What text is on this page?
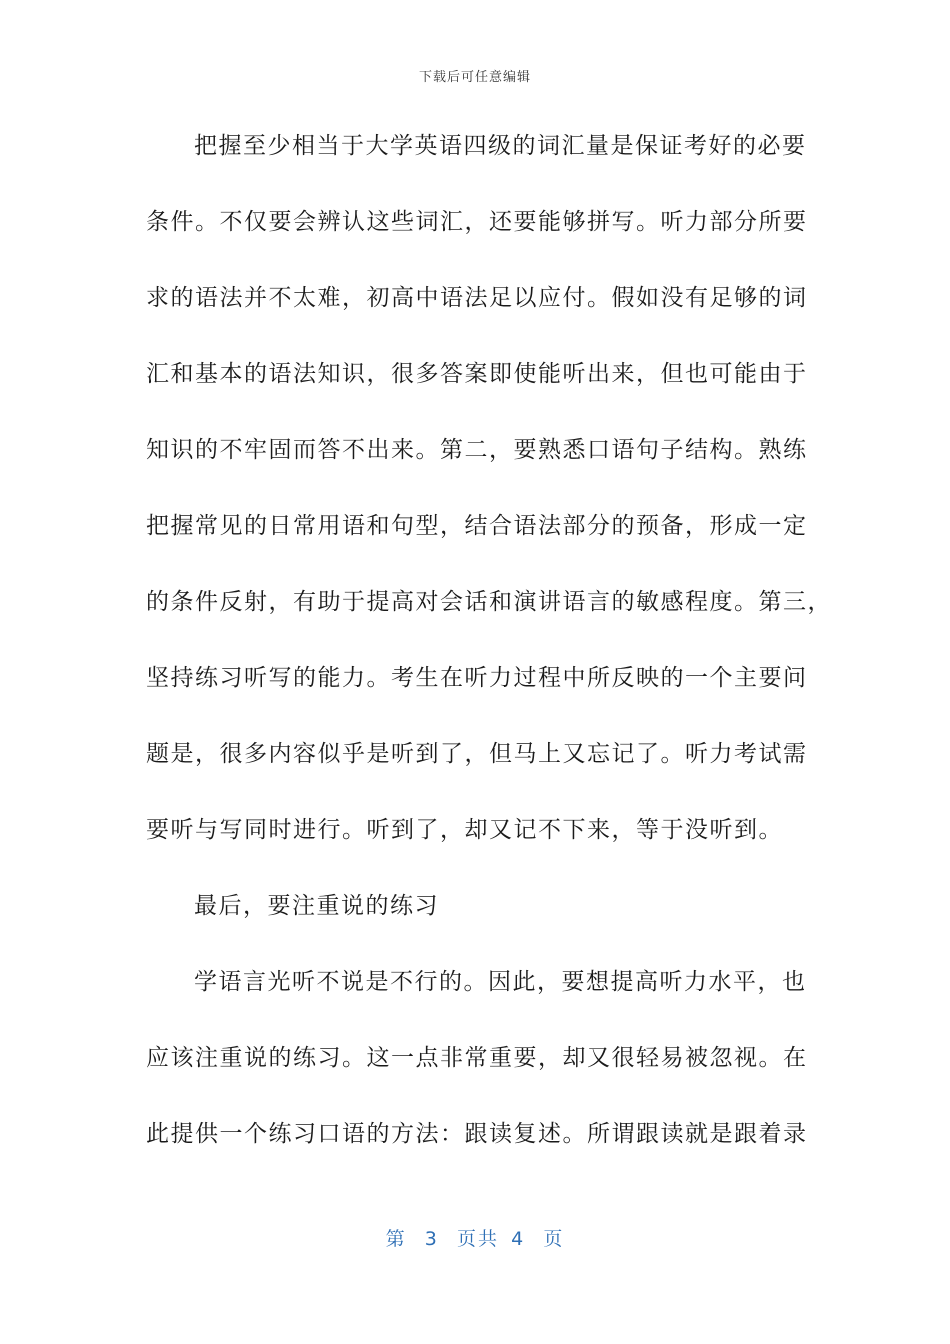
下载后可任意编辑
把握至少相当于大学英语四级的词汇量是保证考好的必要
条件。不仅要会辨认这些词汇，还要能够拼写。听力部分所要
求的语法并不太难，初高中语法足以应付。假如没有足够的词
汇和基本的语法知识，很多答案即使能听出来，但也可能由于
知识的不牢固而答不出来。第二，要熟悉口语句子结构。熟练
把握常见的日常用语和句型，结合语法部分的预备，形成一定
的条件反射，有助于提高对会话和演讲语言的敏感程度。第三，
坚持练习听写的能力。考生在听力过程中所反映的一个主要问
题是，很多内容似乎是听到了，但马上又忘记了。听力考试需
要听与写同时进行。听到了，却又记不下来，等于没听到。
最后，要注重说的练习
学语言光听不说是不行的。因此，要想提高听力水平，也
应该注重说的练习。这一点非常重要，却又很轻易被忽视。在
此提供一个练习口语的方法：跟读复述。所谓跟读就是跟着录
第 3 页共 4 页
